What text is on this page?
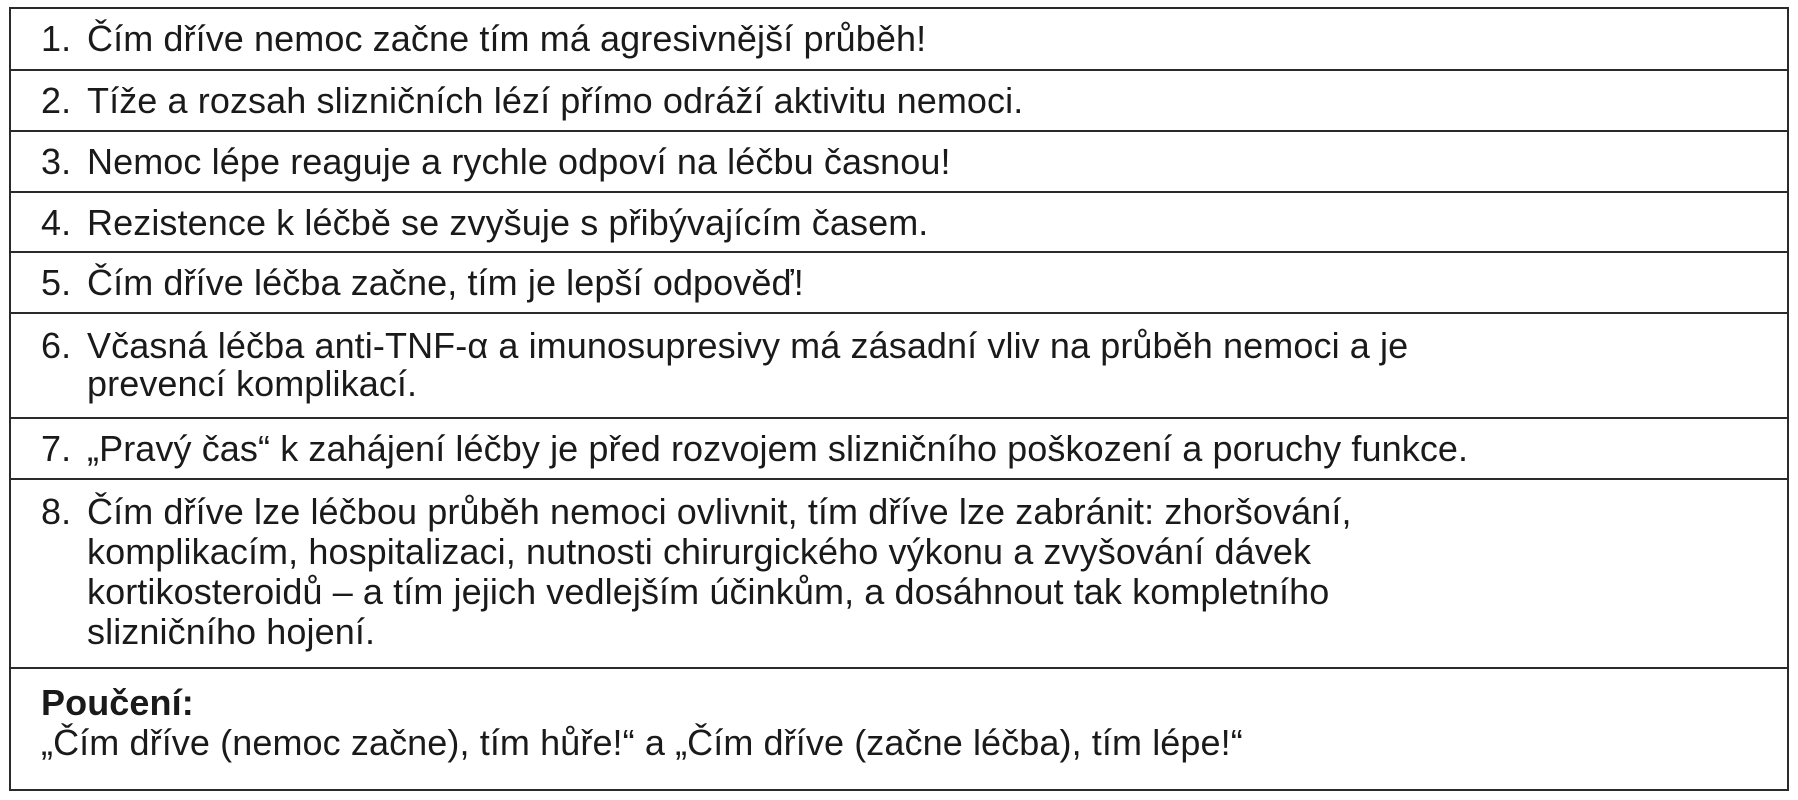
1. Čím dříve nemoc začne tím má agresivnější průběh!
2. Tíže a rozsah slizničních lézí přímo odráží aktivitu nemoci.
3. Nemoc lépe reaguje a rychle odpoví na léčbu časnou!
4. Rezistence k léčbě se zvyšuje s přibývajícím časem.
5. Čím dříve léčba začne, tím je lepší odpověď!
6. Včasná léčba anti-TNF-α a imunosupresivy má zásadní vliv na průběh nemoci a je
prevencí komplikací.
7. „Pravý čas“ k zahájení léčby je před rozvojem slizničního poškození a poruchy funkce.
8. Čím dříve lze léčbou průběh nemoci ovlivnit, tím dříve lze zabránit: zhoršování,
komplikacím, hospitalizaci, nutnosti chirurgického výkonu a zvyšování dávek
kortikosteroidů – a tím jejich vedlejším účinkům, a dosáhnout tak kompletního
slizničního hojení.
Poučení:
„Čím dříve (nemoc začne), tím hůře!“ a „Čím dříve (začne léčba), tím lépe!“
